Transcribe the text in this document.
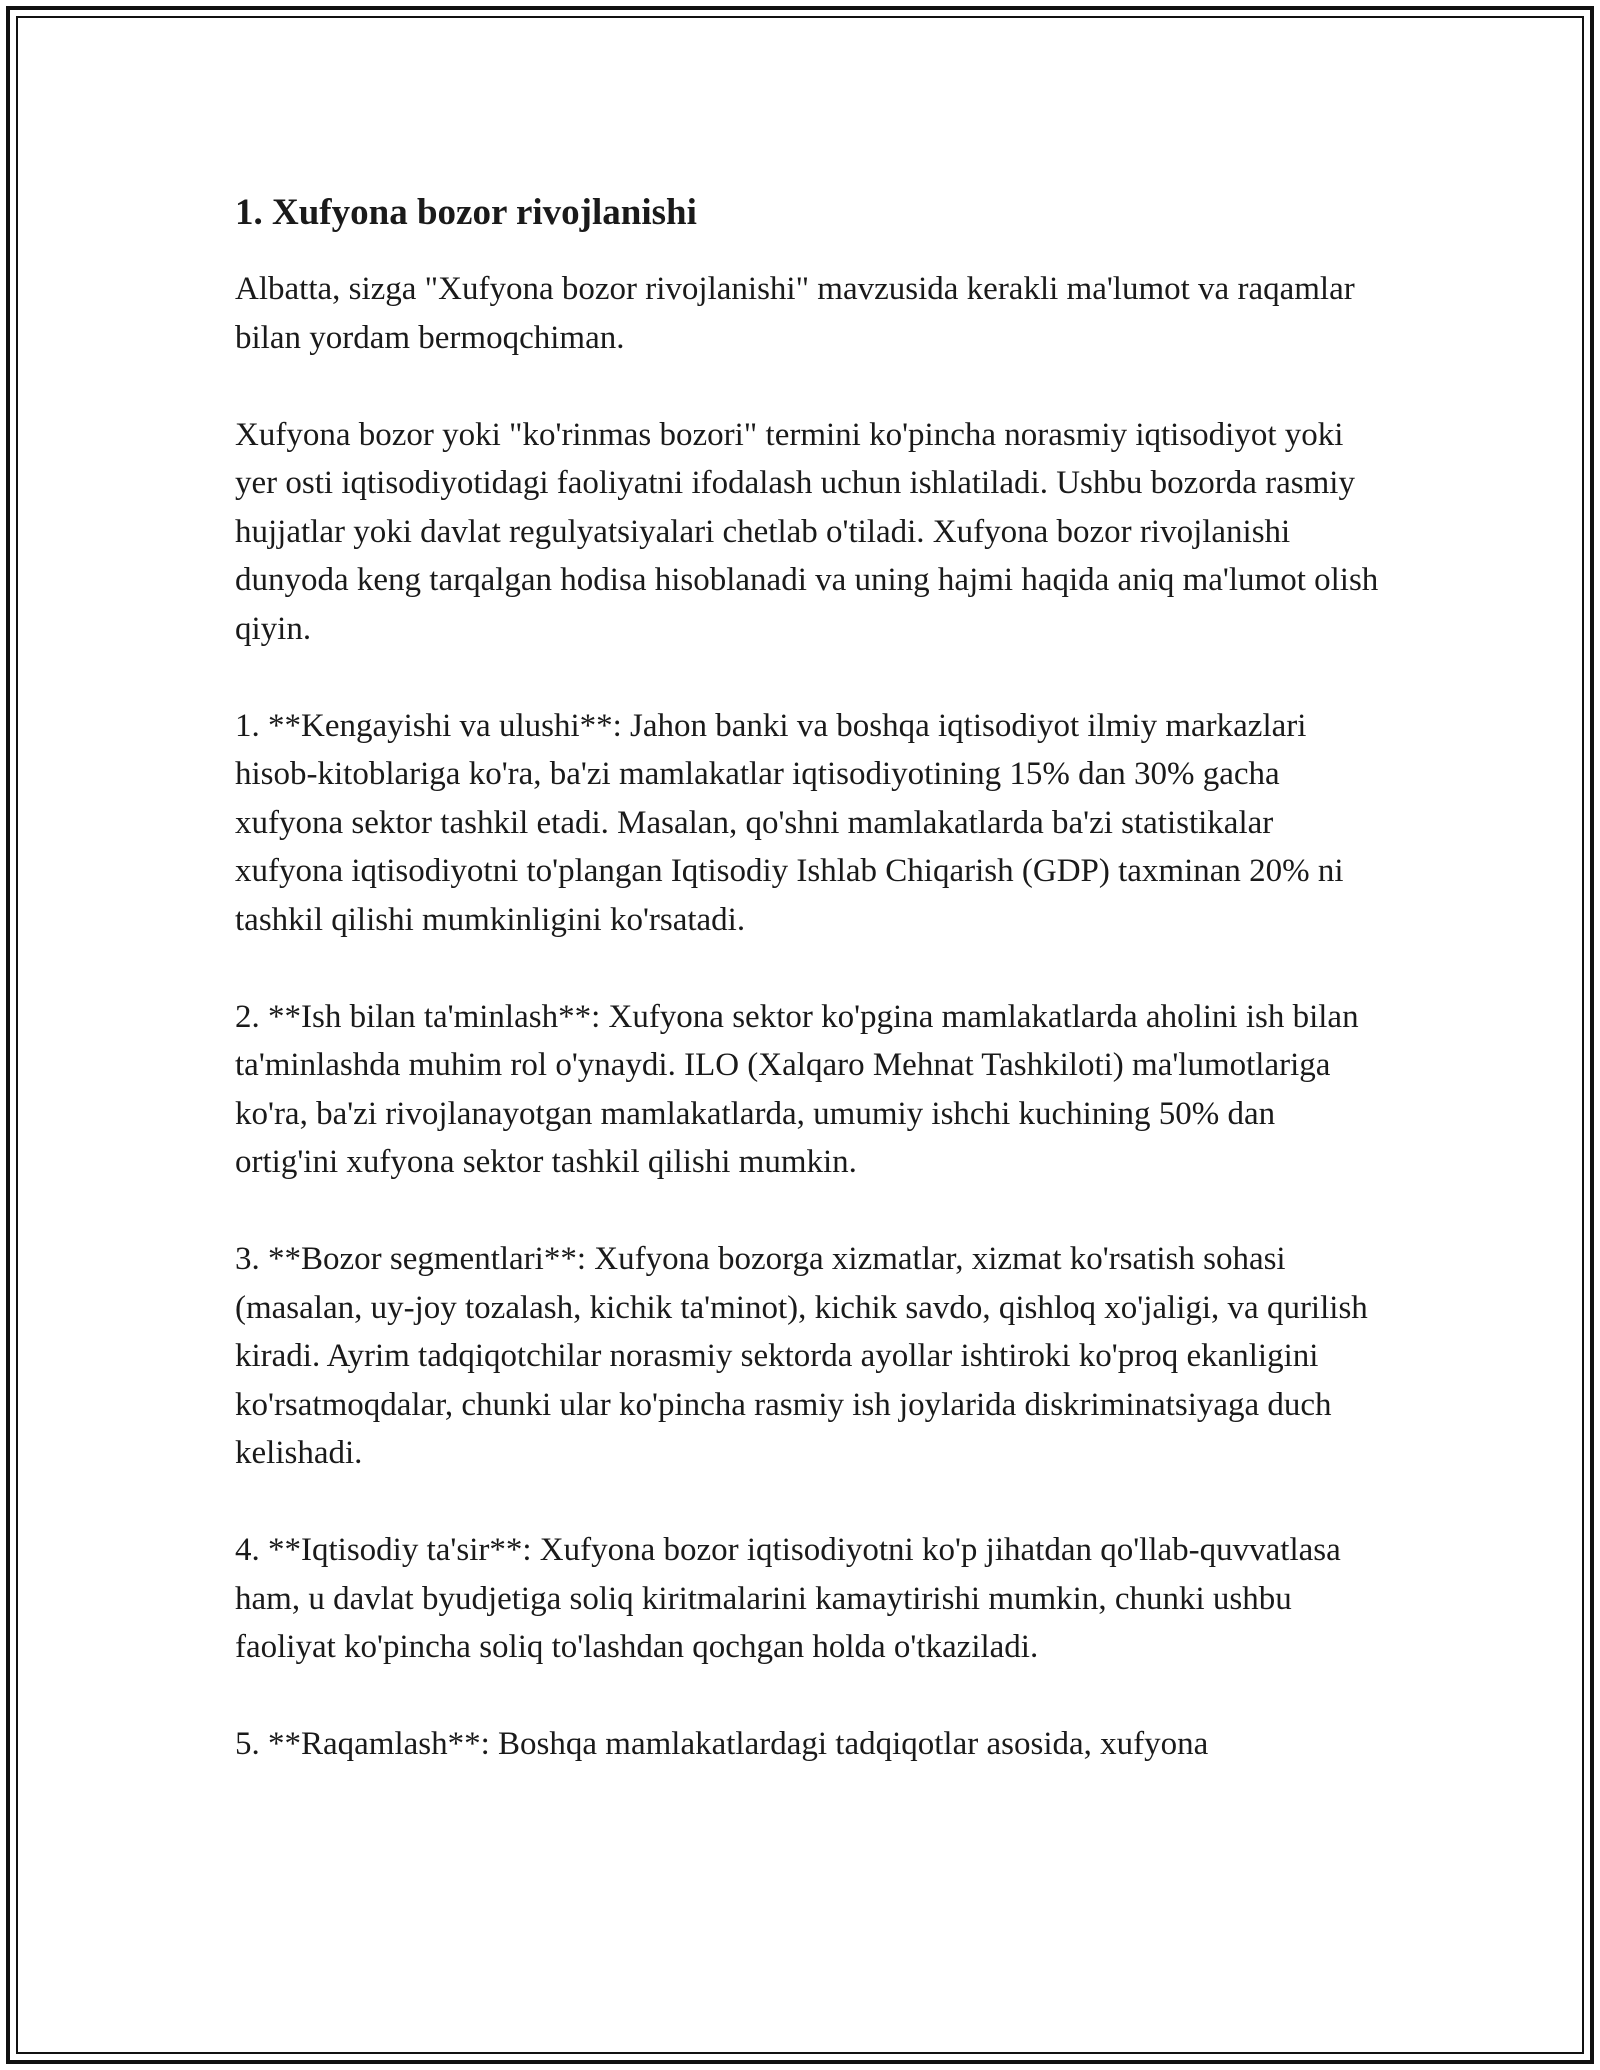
1. Xufyona bozor rivojlanishi

Albatta, sizga "Xufyona bozor rivojlanishi" mavzusida kerakli ma'lumot va raqamlar bilan yordam bermoqchiman.

Xufyona bozor yoki "ko'rinmas bozori" termini ko'pincha norasmiy iqtisodiyot yoki yer osti iqtisodiyotidagi faoliyatni ifodalash uchun ishlatiladi. Ushbu bozorda rasmiy hujjatlar yoki davlat regulyatsiyalari chetlab o'tiladi. Xufyona bozor rivojlanishi dunyoda keng tarqalgan hodisa hisoblanadi va uning hajmi haqida aniq ma'lumot olish qiyin.

1. **Kengayishi va ulushi**: Jahon banki va boshqa iqtisodiyot ilmiy markazlari hisob-kitoblariga ko'ra, ba'zi mamlakatlar iqtisodiyotining 15% dan 30% gacha xufyona sektor tashkil etadi. Masalan, qo'shni mamlakatlarda ba'zi statistikalar xufyona iqtisodiyotni to'plangan Iqtisodiy Ishlab Chiqarish (GDP) taxminan 20% ni tashkil qilishi mumkinligini ko'rsatadi.

2. **Ish bilan ta'minlash**: Xufyona sektor ko'pgina mamlakatlarda aholini ish bilan ta'minlashda muhim rol o'ynaydi. ILO (Xalqaro Mehnat Tashkiloti) ma'lumotlariga ko'ra, ba'zi rivojlanayotgan mamlakatlarda, umumiy ishchi kuchining 50% dan ortig'ini xufyona sektor tashkil qilishi mumkin.

3. **Bozor segmentlari**: Xufyona bozorga xizmatlar, xizmat ko'rsatish sohasi (masalan, uy-joy tozalash, kichik ta'minot), kichik savdo, qishloq xo'jaligi, va qurilish kiradi. Ayrim tadqiqotchilar norasmiy sektorda ayollar ishtiroki ko'proq ekanligini ko'rsatmoqdalar, chunki ular ko'pincha rasmiy ish joylarida diskriminatsiyaga duch kelishadi.

4. **Iqtisodiy ta'sir**: Xufyona bozor iqtisodiyotni ko'p jihatdan qo'llab-quvvatlasa ham, u davlat byudjetiga soliq kiritmalarini kamaytirishi mumkin, chunki ushbu faoliyat ko'pincha soliq to'lashdan qochgan holda o'tkaziladi.

5. **Raqamlash**: Boshqa mamlakatlardagi tadqiqotlar asosida, xufyona
